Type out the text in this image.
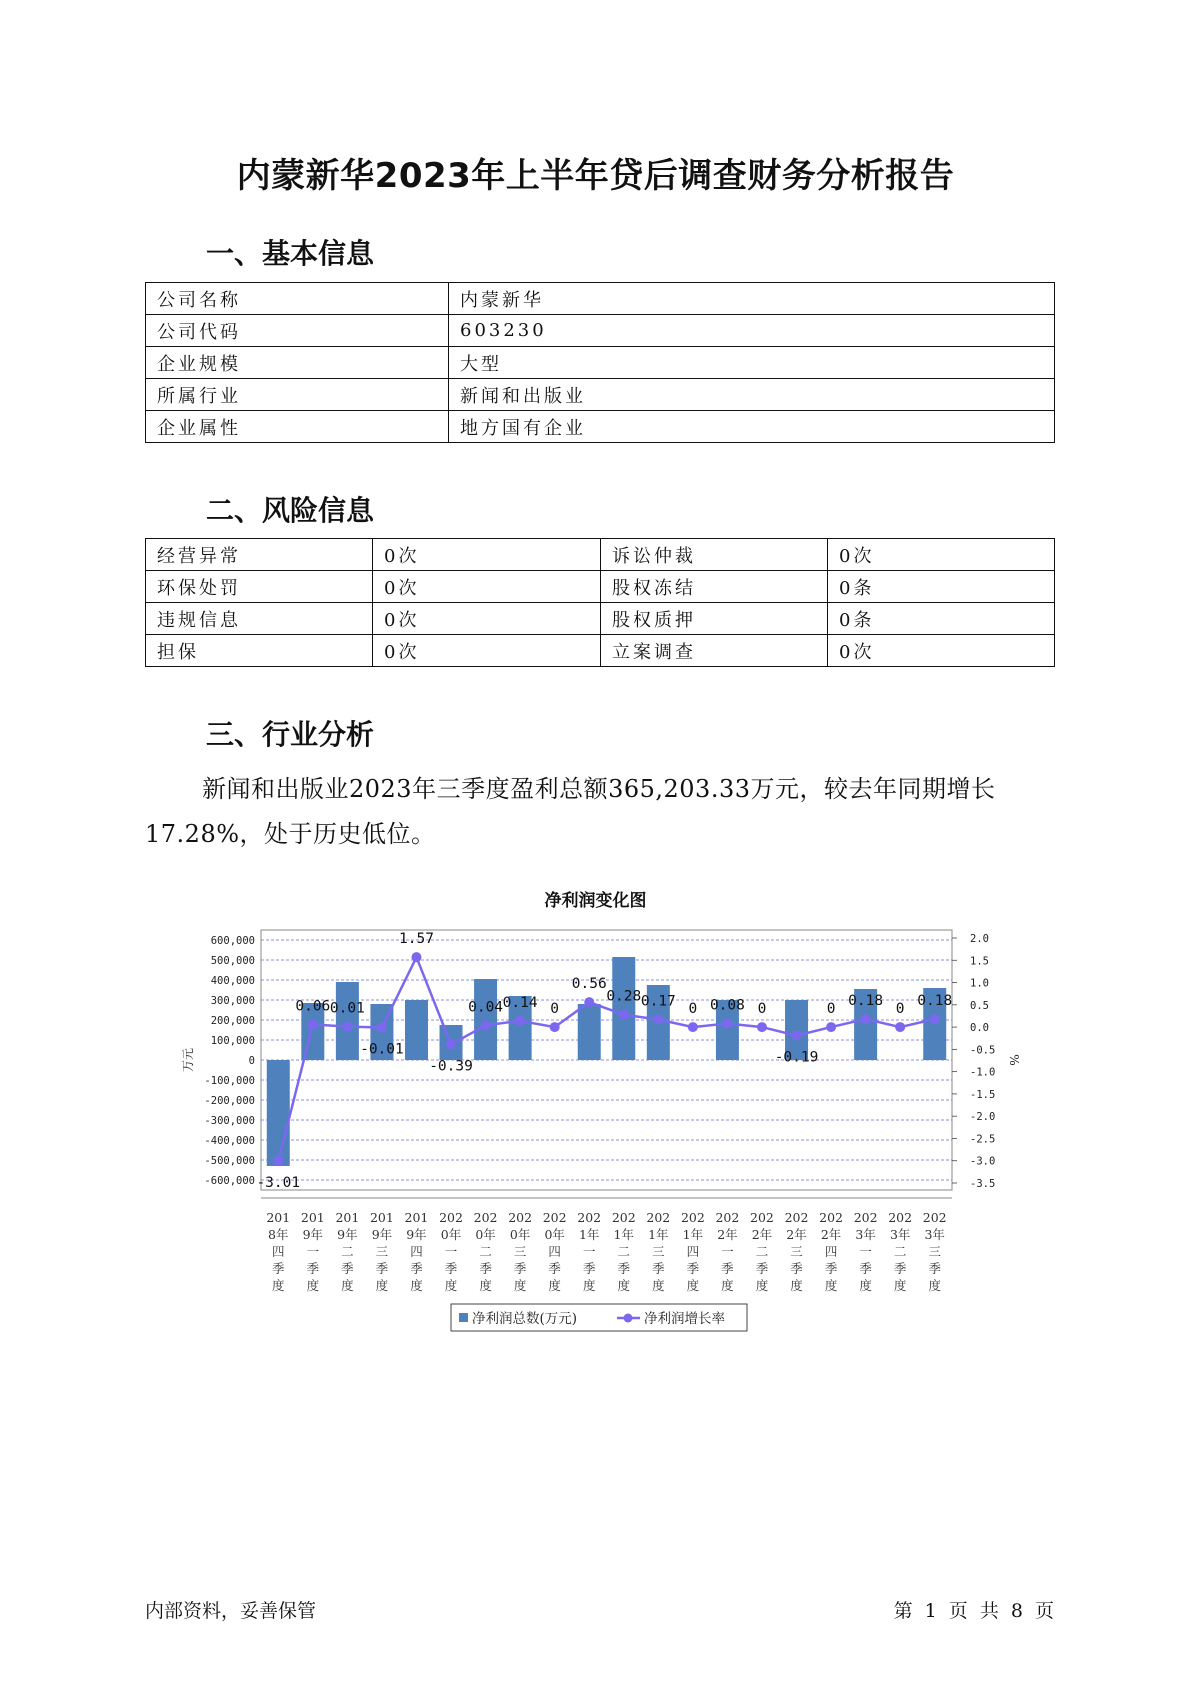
内蒙新华2023年上半年贷后调查财务分析报告
一、基本信息
公司名称	内蒙新华
公司代码	603230
企业规模	大型
所属行业	新闻和出版业
企业属性	地方国有企业
二、风险信息
经营异常	0次	诉讼仲裁	0次
环保处罚	0次	股权冻结	0条
违规信息	0次	股权质押	0条
担保	0次	立案调查	0次
三、行业分析
新闻和出版业2023年三季度盈利总额365,203.33万元，较去年同期增长17.28%，处于历史低位。
净利润变化图
600,000
500,000
400,000
300,000
200,000
100,000
0
-100,000
-200,000
-300,000
-400,000
-500,000
-600,000
2.0
1.5
1.0
0.5
0.0
-0.5
-1.0
-1.5
-2.0
-2.5
-3.0
-3.5
万元	%
-3.01
0.06 0.01
-0.01
1.57
-0.39
0.04 0.14 0
0.56
0.28 0.17 0 0.08 0
-0.19
0
0.18
0
0.18
201
8年
四
季
度
201
9年
一
季
度
201
9年
二
季
度
201
9年
三
季
度
201
9年
四
季
度
202
0年
一
季
度
202
0年
二
季
度
202
0年
三
季
度
202
0年
四
季
度
202
1年
一
季
度
202
1年
二
季
度
202
1年
三
季
度
202
1年
四
季
度
202
2年
一
季
度
202
2年
二
季
度
202
2年
三
季
度
202
2年
四
季
度
202
3年
一
季
度
202
3年
二
季
度
202
3年
三
季
度
净利润总数(万元)	净利润增长率
内部资料，妥善保管	第 1 页 共 8 页
